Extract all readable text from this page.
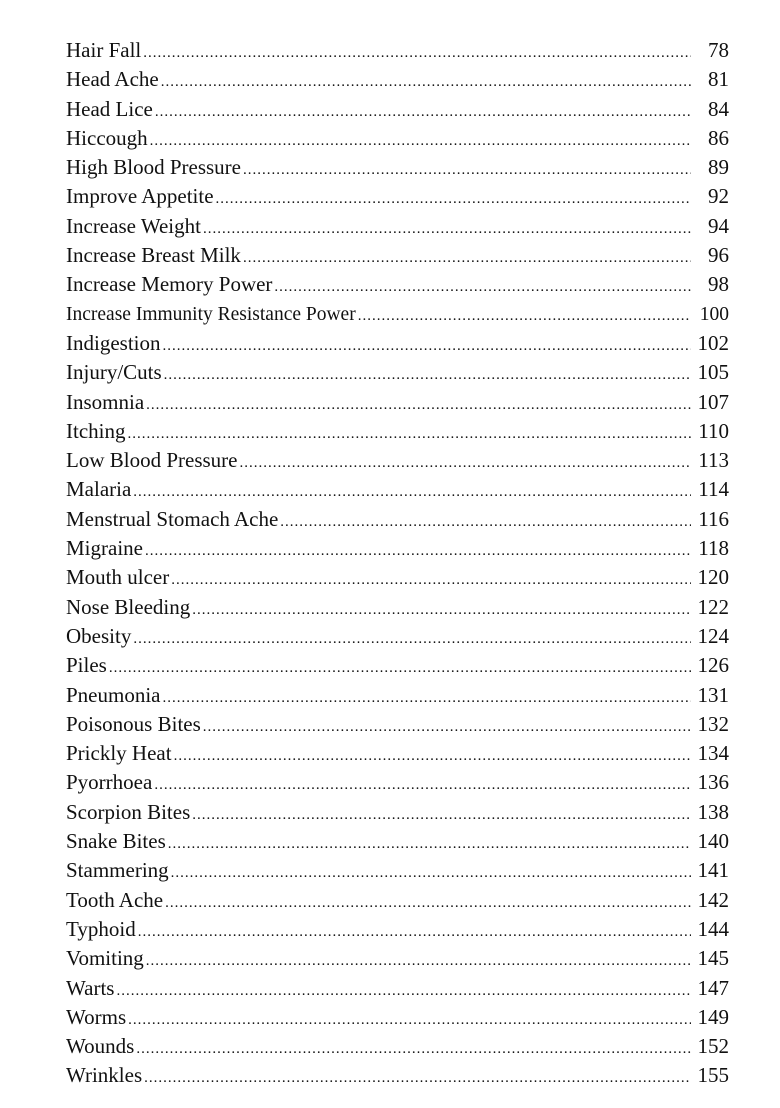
Hair Fall .....	78
Head Ache .....	81
Head Lice .....	84
Hiccough .....	86
High Blood Pressure .....	89
Improve Appetite .....	92
Increase Weight .....	94
Increase Breast Milk .....	96
Increase Memory Power .....	98
Increase Immunity Resistance Power .....	100
Indigestion .....	102
Injury/Cuts .....	105
Insomnia .....	107
Itching .....	110
Low Blood Pressure .....	113
Malaria .....	114
Menstrual Stomach Ache .....	116
Migraine .....	118
Mouth ulcer .....	120
Nose Bleeding .....	122
Obesity .....	124
Piles .....	126
Pneumonia .....	131
Poisonous Bites .....	132
Prickly Heat .....	134
Pyorrhoea .....	136
Scorpion Bites .....	138
Snake Bites .....	140
Stammering .....	141
Tooth Ache .....	142
Typhoid .....	144
Vomiting .....	145
Warts .....	147
Worms .....	149
Wounds .....	152
Wrinkles .....	155
